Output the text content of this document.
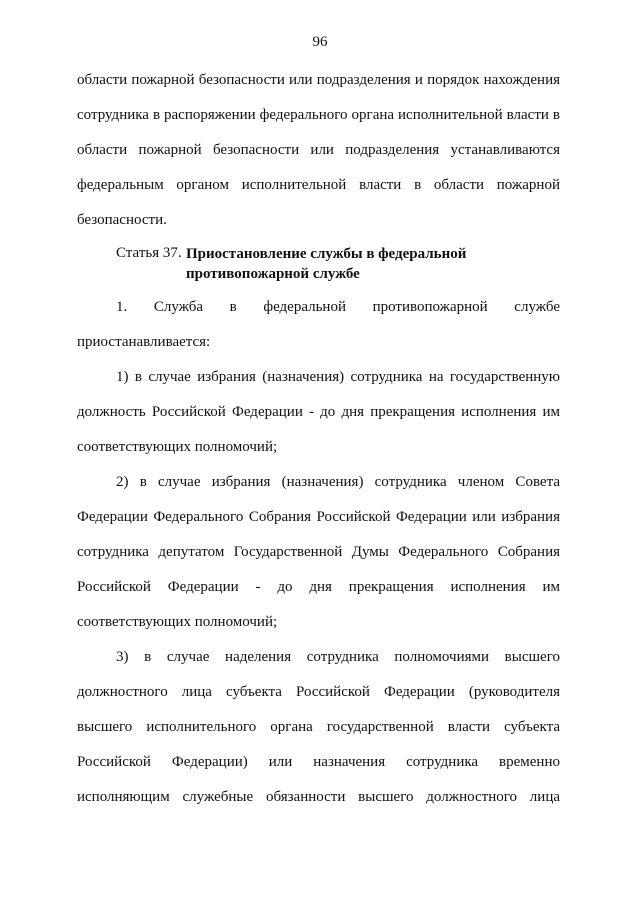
96
области пожарной безопасности или подразделения и порядок нахождения
сотрудника в распоряжении федерального органа исполнительной власти в
области пожарной безопасности или подразделения устанавливаются
федеральным органом исполнительной власти в области пожарной
безопасности.
Статья 37. Приостановление службы в федеральной
противопожарной службе
1. Служба в федеральной противопожарной службе
приостанавливается:
1) в случае избрания (назначения) сотрудника на государственную
должность Российской Федерации - до дня прекращения исполнения им
соответствующих полномочий;
2) в случае избрания (назначения) сотрудника членом Совета
Федерации Федерального Собрания Российской Федерации или избрания
сотрудника депутатом Государственной Думы Федерального Собрания
Российской Федерации - до дня прекращения исполнения им
соответствующих полномочий;
3) в случае наделения сотрудника полномочиями высшего
должностного лица субъекта Российской Федерации (руководителя
высшего исполнительного органа государственной власти субъекта
Российской Федерации) или назначения сотрудника временно
исполняющим служебные обязанности высшего должностного лица
